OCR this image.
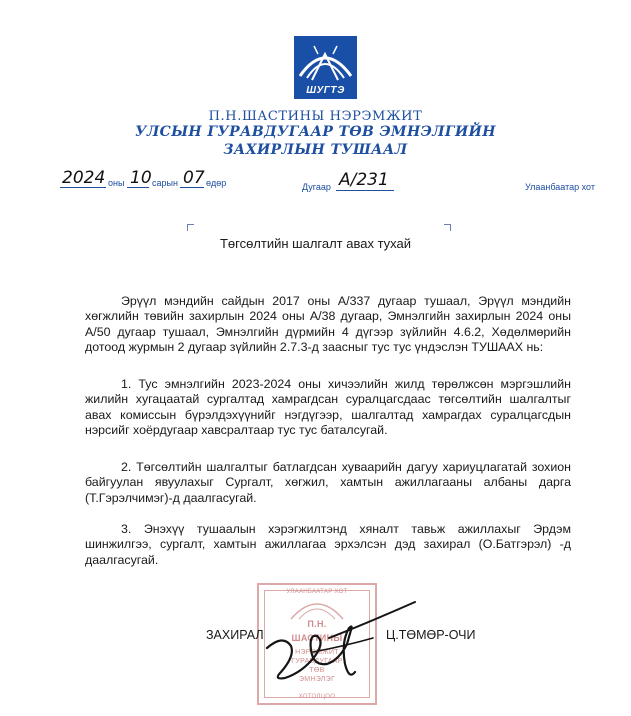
ШУГТЭ
П.Н.ШАСТИНЫ НЭРЭМЖИТ
УЛСЫН ГУРАВДУГААР ТӨВ ЭМНЭЛГИЙН
ЗАХИРЛЫН ТУШААЛ
2024 оны 10 сарын 07 өдөр	Дугаар А/231	Улаанбаатар хот
Төгсөлтийн шалгалт авах тухай
Эрүүл мэндийн сайдын 2017 оны А/337 дугаар тушаал, Эрүүл мэндийн хөгжлийн төвийн захирлын 2024 оны А/38 дугаар, Эмнэлгийн захирлын 2024 оны А/50 дугаар тушаал, Эмнэлгийн дүрмийн 4 дүгээр зүйлийн 4.6.2, Хөдөлмөрийн дотоод журмын 2 дугаар зүйлийн 2.7.3-д заасныг тус тус үндэслэн ТУШААХ нь:
1. Тус эмнэлгийн 2023-2024 оны хичээлийн жилд төрөлжсөн мэргэшлийн жилийн хугацаатай сургалтад хамрагдсан суралцагсдаас төгсөлтийн шалгалтыг авах комиссын бүрэлдэхүүнийг нэгдүгээр, шалгалтад хамрагдах суралцагсдын нэрсийг хоёрдугаар хавсралтаар тус тус баталсугай.
2. Төгсөлтийн шалгалтыг батлагдсан хуваарийн дагуу хариуцлагатай зохион байгуулан явуулахыг Сургалт, хөгжил, хамтын ажиллагааны албаны дарга (Т.Гэрэлчимэг)-д даалгасугай.
3. Энэхүү тушаалын хэрэгжилтэнд хяналт тавьж ажиллахыг Эрдэм шинжилгээ, сургалт, хамтын ажиллагаа эрхэлсэн дэд захирал (О.Батгэрэл) -д даалгасугай.
УЛААНБААТАР ХОТ
П.Н.
ШАСТИНЫ
НЭРЭМЖИТ
ГУРАВДУГААР
ТӨВ
ЭМНЭЛЭГ
ХОТОЛЦОО
ЗАХИРАЛ	Ц.ТӨМӨР-ОЧИ
